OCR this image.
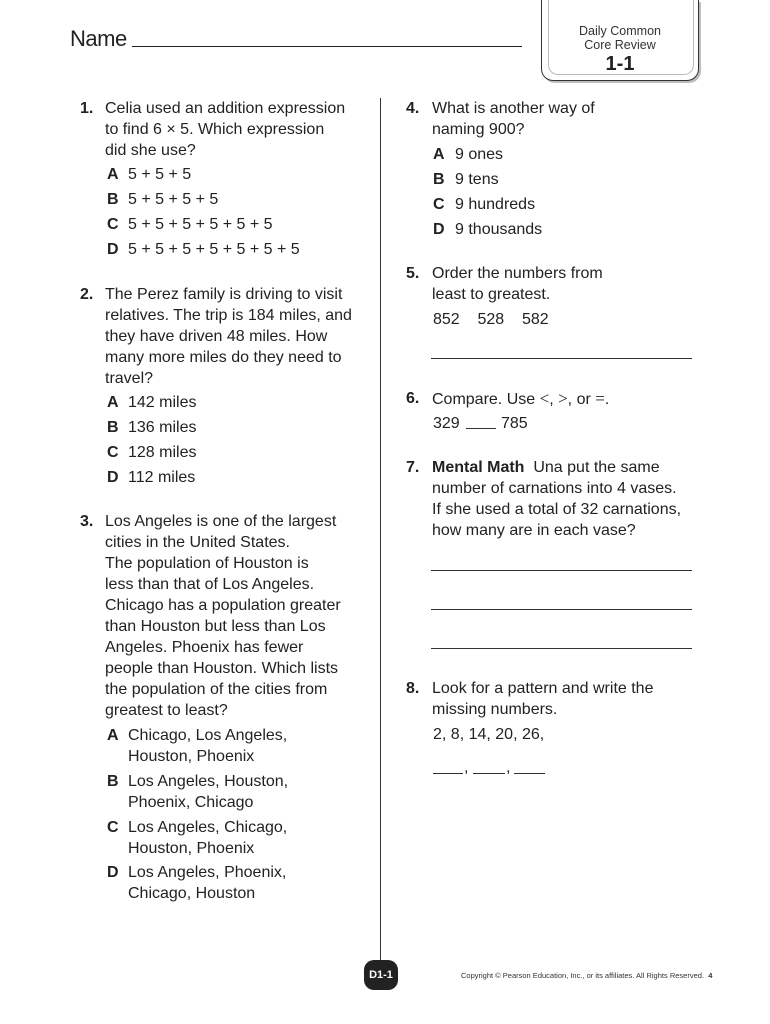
Name	Daily Common
Core Review
1-1
1. Celia used an addition expression
to find 6 × 5. Which expression
did she use?
A 5 + 5 + 5
B 5 + 5 + 5 + 5
C 5 + 5 + 5 + 5 + 5 + 5
D 5 + 5 + 5 + 5 + 5 + 5 + 5
2. The Perez family is driving to visit
relatives. The trip is 184 miles, and
they have driven 48 miles. How
many more miles do they need to
travel?
A 142 miles
B 136 miles
C 128 miles
D 112 miles
3. Los Angeles is one of the largest
cities in the United States.
The population of Houston is
less than that of Los Angeles.
Chicago has a population greater
than Houston but less than Los
Angeles. Phoenix has fewer
people than Houston. Which lists
the population of the cities from
greatest to least?
A Chicago, Los Angeles,
Houston, Phoenix
B Los Angeles, Houston,
Phoenix, Chicago
C Los Angeles, Chicago,
Houston, Phoenix
D Los Angeles, Phoenix,
Chicago, Houston
4. What is another way of
naming 900?
A 9 ones
B 9 tens
C 9 hundreds
D 9 thousands
5. Order the numbers from
least to greatest.
852    528    582
6. Compare. Use <, >, or =.
329	785
7. Mental Math Una put the same
number of carnations into 4 vases.
If she used a total of 32 carnations,
how many are in each vase?
8. Look for a pattern and write the
missing numbers.
2, 8, 14, 20, 26,
, ,
D1-1	Copyright © Pearson Education, Inc., or its affiliates. All Rights Reserved. 4
